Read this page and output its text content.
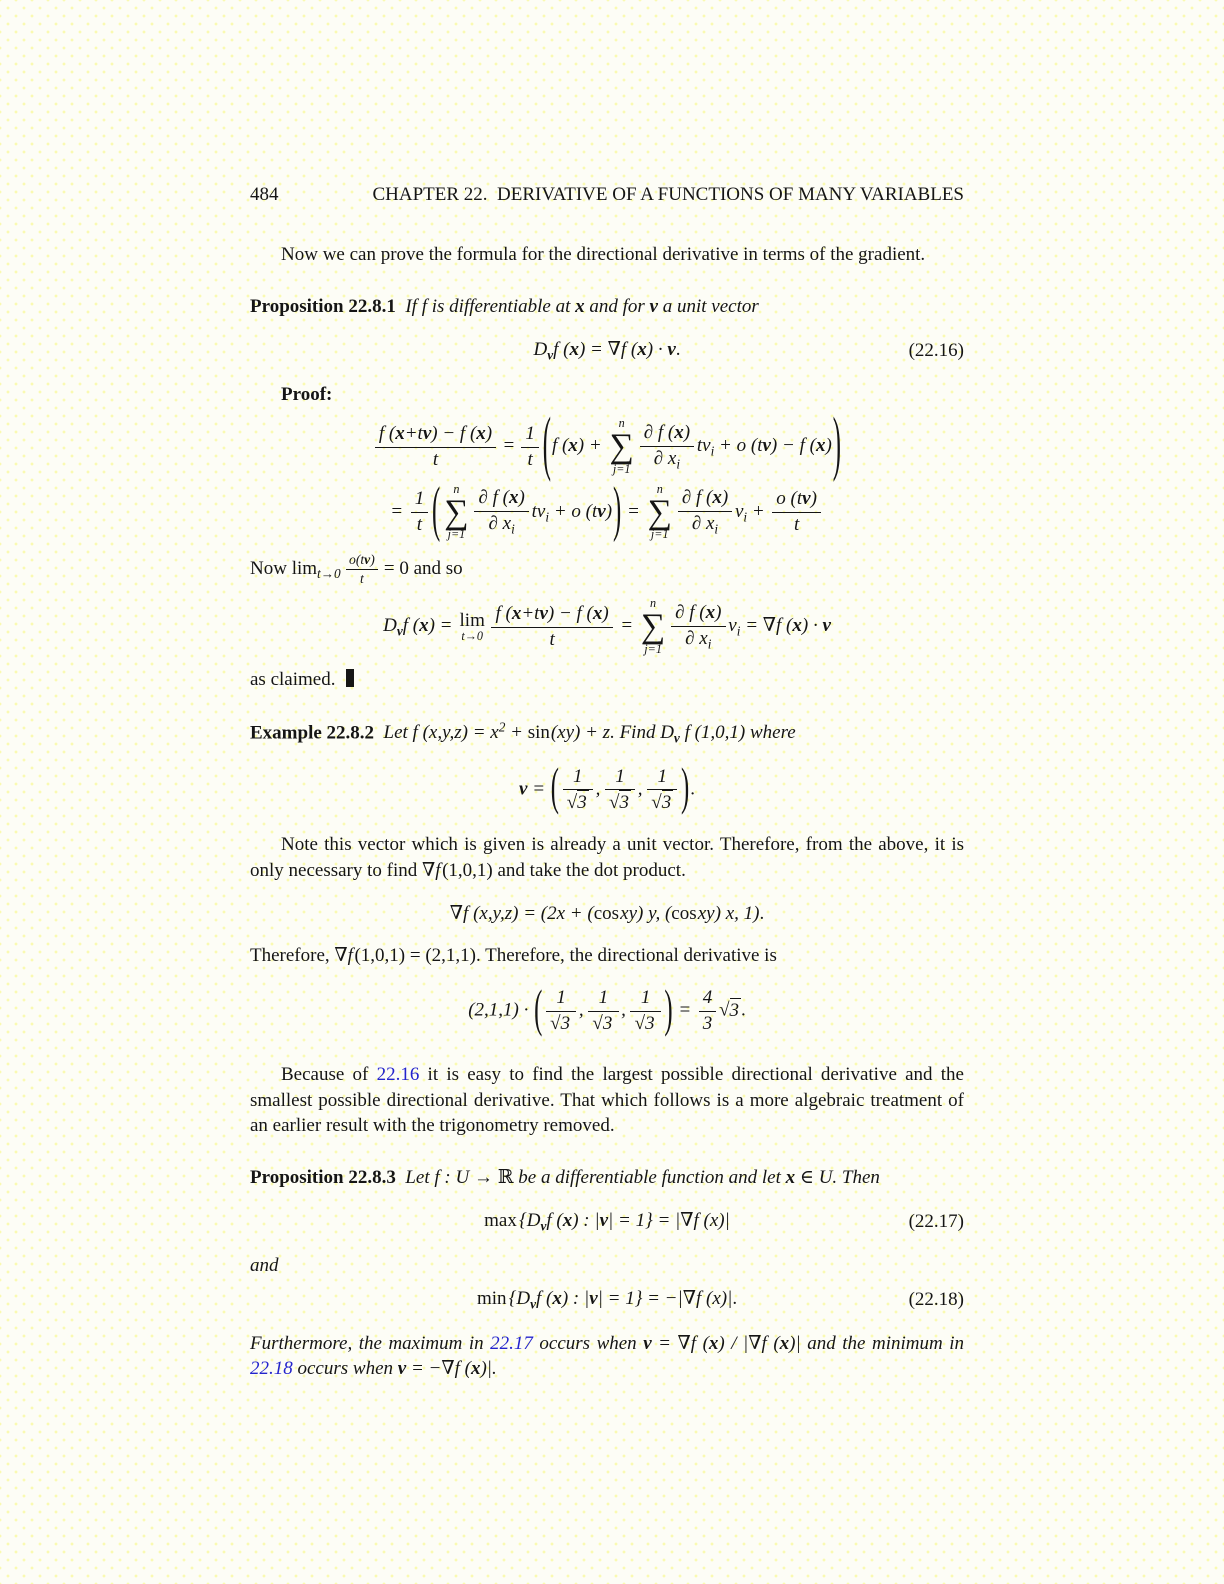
484	CHAPTER 22.  DERIVATIVE OF A FUNCTIONS OF MANY VARIABLES

Now we can prove the formula for the directional derivative in terms of the gradient.

Proposition 22.8.1 If f is differentiable at x and for v a unit vector

$D_vf$ (x) = ∇f (x) · v.	(22.16)

Proof:

$\frac{f (x+tv) - f (x)}{t} = \frac{1}{t} (f$ (x) +
n
∑
$j=1 \frac{\partial f (x)}{\partial x_i} tv_i + o$ (tv) − f (x))
= $\frac{1}{t}$ ( n
∑
$j=1 \frac{\partial f (x)}{\partial x_i} tv_i + o$ (tv)) =
n
∑
$j=1 \frac{\partial f (x)}{\partial x_i} v_i + \frac{o (tv)}{t}$

Now $\lim_{t\to 0} \frac{o(tv)}{t} = 0$ and so

$D_vf$ (x) = lim
$t\to 0 \frac{f (x+tv) - f (x)}{t}$ =
n
∑
$j=1 \frac{\partial f (x)}{\partial x_i} v_i = \nabla f$ (x) · v

as claimed.

Example 22.8.2 Let f $(x,y,z) = x^2 + \sin(xy) + z$. Find $D_v$ f (1,0,1) where

v = ( $\frac{1}{√3}$ , $\frac{1}{√3}$ , $\frac{1}{√3}$ ).

Note this vector which is given is already a unit vector. Therefore, from the above, it is only necessary to find ∇f(1,0,1) and take the dot product.

∇f (x,y,z) = (2x + (cosxy) y, (cosxy) x, 1).

Therefore, ∇f(1,0,1) = (2,1,1). Therefore, the directional derivative is

(2,1,1) · ( $\frac{1}{√3}$ , $\frac{1}{√3}$ , $\frac{1}{√3}$ ) = $\frac{4}{3} √3$ .

Because of 22.16 it is easy to find the largest possible directional derivative and the smallest possible directional derivative. That which follows is a more algebraic treatment of an earlier result with the trigonometry removed.

Proposition 22.8.3 Let f : U → ℝ be a differentiable function and let x ∈ U. Then

$\max \{D_vf$ (x) : |v| = 1} = |∇f (x)|	(22.17)

and

$\min \{D_vf$ (x) : |v| = 1} = −|∇f (x)|.	(22.18)

Furthermore, the maximum in 22.17 occurs when v = ∇f (x) / |∇f (x)| and the minimum in 22.18 occurs when v = −∇f (x)|.
